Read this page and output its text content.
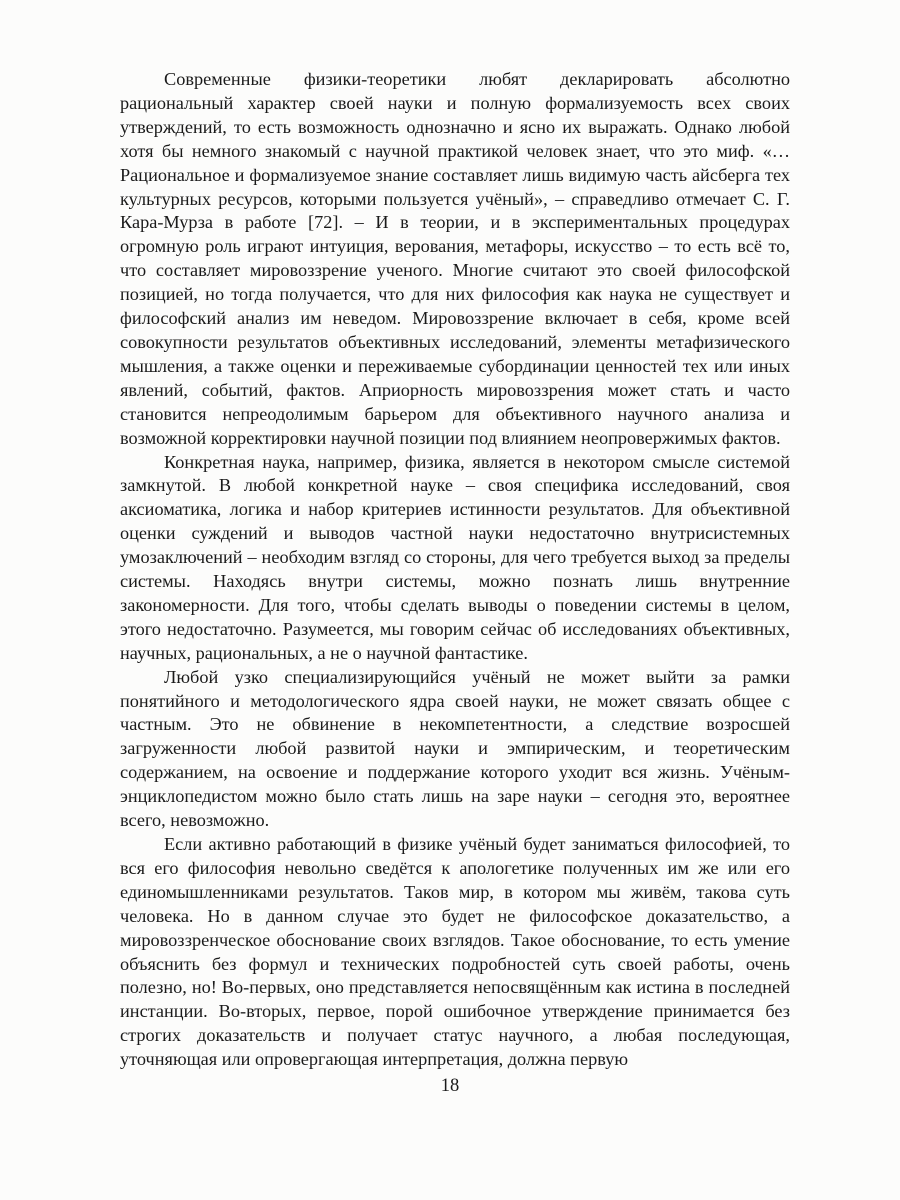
Современные физики-теоретики любят декларировать абсолютно рациональный характер своей науки и полную формализуемость всех своих утверждений, то есть возможность однозначно и ясно их выражать. Однако любой хотя бы немного знакомый с научной практикой человек знает, что это миф. «…Рациональное и формализуемое знание составляет лишь видимую часть айсберга тех культурных ресурсов, которыми пользуется учёный», – справедливо отмечает С. Г. Кара-Мурза в работе [72]. – И в теории, и в экспериментальных процедурах огромную роль играют интуиция, верования, метафоры, искусство – то есть всё то, что составляет мировоззрение ученого. Многие считают это своей философской позицией, но тогда получается, что для них философия как наука не существует и философский анализ им неведом. Мировоззрение включает в себя, кроме всей совокупности результатов объективных исследований, элементы метафизического мышления, а также оценки и переживаемые субординации ценностей тех или иных явлений, событий, фактов. Априорность мировоззрения может стать и часто становится непреодолимым барьером для объективного научного анализа и возможной корректировки научной позиции под влиянием неопровержимых фактов.

Конкретная наука, например, физика, является в некотором смысле системой замкнутой. В любой конкретной науке – своя специфика исследований, своя аксиоматика, логика и набор критериев истинности результатов. Для объективной оценки суждений и выводов частной науки недостаточно внутрисистемных умозаключений – необходим взгляд со стороны, для чего требуется выход за пределы системы. Находясь внутри системы, можно познать лишь внутренние закономерности. Для того, чтобы сделать выводы о поведении системы в целом, этого недостаточно. Разумеется, мы говорим сейчас об исследованиях объективных, научных, рациональных, а не о научной фантастике.

Любой узко специализирующийся учёный не может выйти за рамки понятийного и методологического ядра своей науки, не может связать общее с частным. Это не обвинение в некомпетентности, а следствие возросшей загруженности любой развитой науки и эмпирическим, и теоретическим содержанием, на освоение и поддержание которого уходит вся жизнь. Учёным-энциклопедистом можно было стать лишь на заре науки – сегодня это, вероятнее всего, невозможно.

Если активно работающий в физике учёный будет заниматься философией, то вся его философия невольно сведётся к апологетике полученных им же или его единомышленниками результатов. Таков мир, в котором мы живём, такова суть человека. Но в данном случае это будет не философское доказательство, а мировоззренческое обоснование своих взглядов. Такое обоснование, то есть умение объяснить без формул и технических подробностей суть своей работы, очень полезно, но! Во-первых, оно представляется непосвящённым как истина в последней инстанции. Во-вторых, первое, порой ошибочное утверждение принимается без строгих доказательств и получает статус научного, а любая последующая, уточняющая или опровергающая интерпретация, должна первую

18
